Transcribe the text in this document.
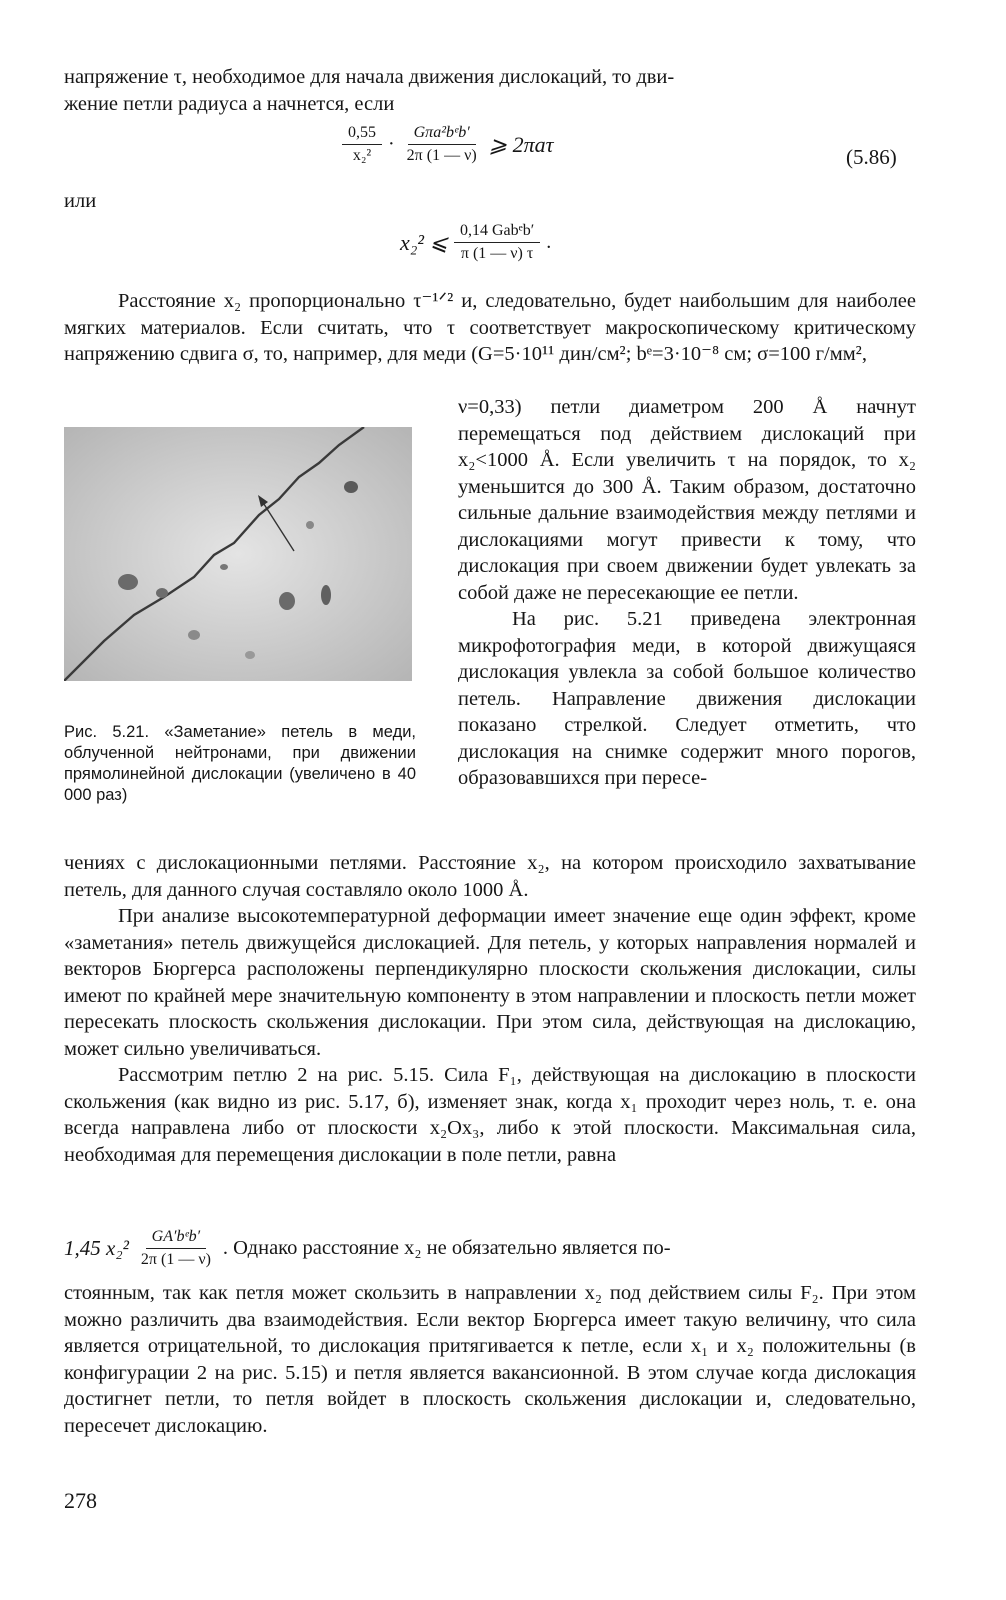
напряжение τ, необходимое для начала движения дислокаций, то дви-

жение петли радиуса a начнется, если

$\frac{0,55}{\text{x₂²}} \cdot \frac{\text{Gπa²bᵉb′}}{2\pi (1 — \nu)}$ ⩾ 2πaτ
(5.86)
или
x₂² ⩽ $\frac{\text{0,14 Gabᵉb′}}{\pi (1 — \nu) \tau}$ .

Расстояние x₂ пропорционально τ⁻¹ᐟ² и, следовательно, будет наибольшим для наиболее мягких материалов. Если считать, что τ соответствует макроскопическому критическому напряжению сдвига σ, то, например, для меди (G=5·10¹¹ дин/см²; bᵉ=3·10⁻⁸ см; σ=100 г/мм²,

Рис. 5.21. «Заметание» петель в меди, облученной нейтронами, при движении прямолинейной дислокации (увеличено в 40 000 раз)

ν=0,33) петли диаметром 200 Å начнут перемещаться под действием дислокаций при x₂<1000 Å. Если увеличить τ на порядок, то x₂ уменьшится до 300 Å. Таким образом, достаточно сильные дальние взаимодействия между петлями и дислокациями могут привести к тому, что дислокация при своем движении будет увлекать за собой даже не пересекающие ее петли.

На рис. 5.21 приведена электронная микрофотография меди, в которой движущаяся дислокация увлекла за собой большое количество петель. Направление движения дислокации показано стрелкой. Следует отметить, что дислокация на снимке содержит много порогов, образовавшихся при пересе-

чениях с дислокационными петлями. Расстояние x₂, на котором происходило захватывание петель, для данного случая составляло около 1000 Å.

При анализе высокотемпературной деформации имеет значение еще один эффект, кроме «заметания» петель движущейся дислокацией. Для петель, у которых направления нормалей и векторов Бюргерса расположены перпендикулярно плоскости скольжения дислокации, силы имеют по крайней мере значительную компоненту в этом направлении и плоскость петли может пересекать плоскость скольжения дислокации. При этом сила, действующая на дислокацию, может сильно увеличиваться.

Рассмотрим петлю 2 на рис. 5.15. Сила F₁, действующая на дислокацию в плоскости скольжения (как видно из рис. 5.17, б), изменяет знак, когда x₁ проходит через ноль, т. е. она всегда направлена либо от плоскости x₂Ox₃, либо к этой плоскости. Максимальная сила, необходимая для перемещения дислокации в поле петли, равна

1,45 $x_2^2 \frac{\text{GA′bᵉb′}}{2\pi (1 — \nu)}$ . Однако расстояние x₂ не обязательно является по-

стоянным, так как петля может скользить в направлении x₂ под действием силы F₂. При этом можно различить два взаимодействия. Если вектор Бюргерса имеет такую величину, что сила является отрицательной, то дислокация притягивается к петле, если x₁ и x₂ положительны (в конфигурации 2 на рис. 5.15) и петля является вакансионной. В этом случае когда дислокация достигнет петли, то петля войдет в плоскость скольжения дислокации и, следовательно, пересечет дислокацию.

278
